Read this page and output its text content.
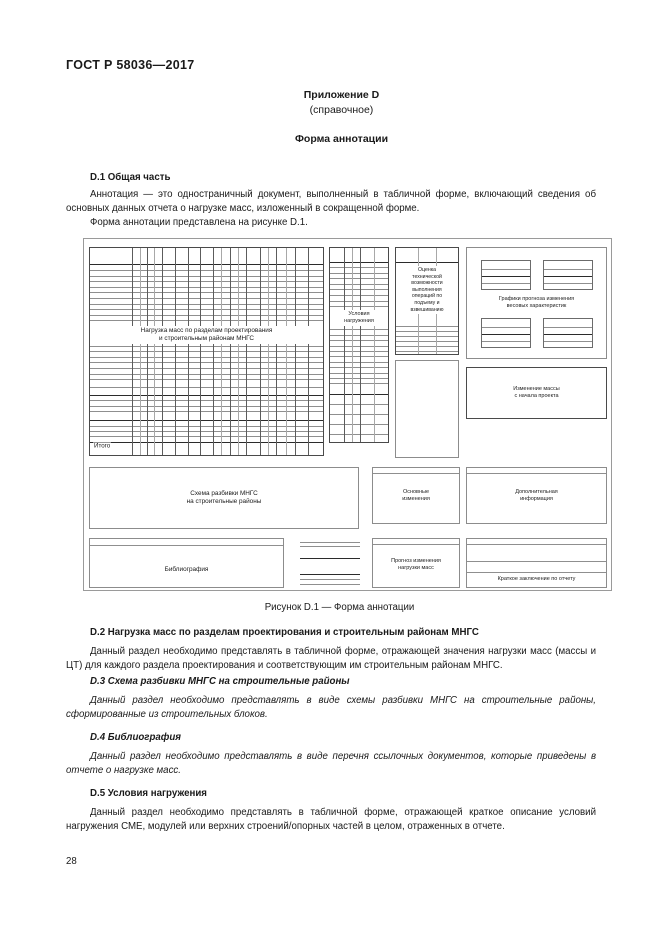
ГОСТ Р 58036—2017
Приложение D
(справочное)
Форма аннотации
D.1 Общая часть
Аннотация — это одностраничный документ, выполненный в табличной форме, включающий сведения об основных данных отчета о нагрузке масс, изложенный в сокращенной форме.
Форма аннотации представлена на рисунке D.1.
Нагрузка масс по разделам проектирования
и строительным районам МНГС
Итого
Условия
нагружения
Оценка
технической
возможности
выполнения
операций по
подъему и
взвешиванию
Графики прогноза изменения
весовых характеристик
Изменение массы
с начала проекта
Схема разбивки МНГС
на строительные районы
Основные
изменения
Дополнительная
информация
Библиография
Прогноз изменения
нагрузки масс
Краткое заключение по отчету
Рисунок D.1 — Форма аннотации
D.2 Нагрузка масс по разделам проектирования и строительным районам МНГС
Данный раздел необходимо представлять в табличной форме, отражающей значения нагрузки масс (массы и ЦТ) для каждого раздела проектирования и соответствующим им строительным районам МНГС.
D.3 Схема разбивки МНГС на строительные районы
Данный раздел необходимо представлять в виде схемы разбивки МНГС на строительные районы, сформированные из строительных блоков.
D.4 Библиография
Данный раздел необходимо представлять в виде перечня ссылочных документов, которые приведены в отчете о нагрузке масс.
D.5 Условия нагружения
Данный раздел необходимо представлять в табличной форме, отражающей краткое описание условий нагружения СМЕ, модулей или верхних строений/опорных частей в целом, отраженных в отчете.
28
